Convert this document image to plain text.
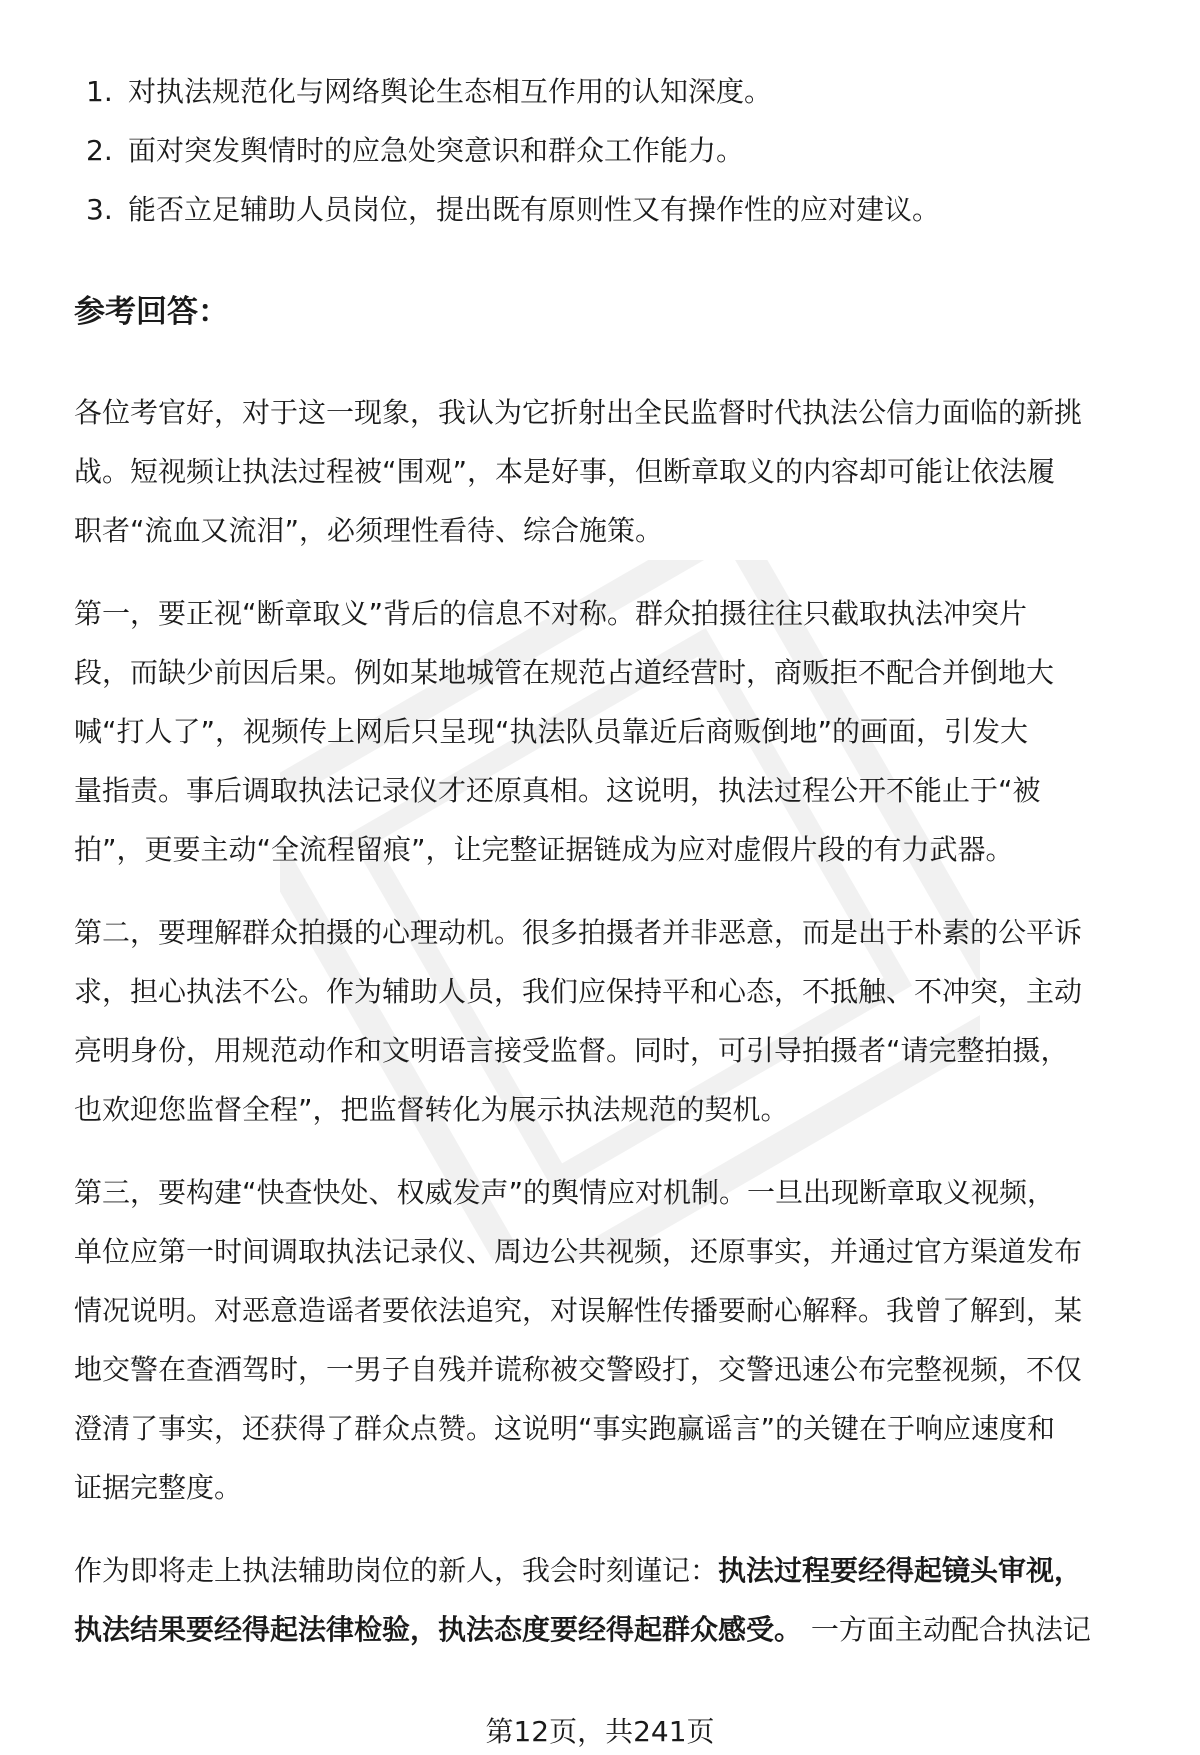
1. 对执法规范化与网络舆论生态相互作用的认知深度。
2. 面对突发舆情时的应急处突意识和群众工作能力。
3. 能否立足辅助人员岗位，提出既有原则性又有操作性的应对建议。
参考回答：

各位考官好，对于这一现象，我认为它折射出全民监督时代执法公信力面临的新挑
战。短视频让执法过程被“围观”，本是好事，但断章取义的内容却可能让依法履
职者“流血又流泪”，必须理性看待、综合施策。

第一，要正视“断章取义”背后的信息不对称。群众拍摄往往只截取执法冲突片
段，而缺少前因后果。例如某地城管在规范占道经营时，商贩拒不配合并倒地大
喊“打人了”，视频传上网后只呈现“执法队员靠近后商贩倒地”的画面，引发大
量指责。事后调取执法记录仪才还原真相。这说明，执法过程公开不能止于“被
拍”，更要主动“全流程留痕”，让完整证据链成为应对虚假片段的有力武器。

第二，要理解群众拍摄的心理动机。很多拍摄者并非恶意，而是出于朴素的公平诉
求，担心执法不公。作为辅助人员，我们应保持平和心态，不抵触、不冲突，主动
亮明身份，用规范动作和文明语言接受监督。同时，可引导拍摄者“请完整拍摄，
也欢迎您监督全程”，把监督转化为展示执法规范的契机。

第三，要构建“快查快处、权威发声”的舆情应对机制。一旦出现断章取义视频，
单位应第一时间调取执法记录仪、周边公共视频，还原事实，并通过官方渠道发布
情况说明。对恶意造谣者要依法追究，对误解性传播要耐心解释。我曾了解到，某
地交警在查酒驾时，一男子自残并谎称被交警殴打，交警迅速公布完整视频，不仅
澄清了事实，还获得了群众点赞。这说明“事实跑赢谣言”的关键在于响应速度和
证据完整度。

作为即将走上执法辅助岗位的新人，我会时刻谨记：执法过程要经得起镜头审视，
执法结果要经得起法律检验，执法态度要经得起群众感受。 一方面主动配合执法记

第12页，共241页
